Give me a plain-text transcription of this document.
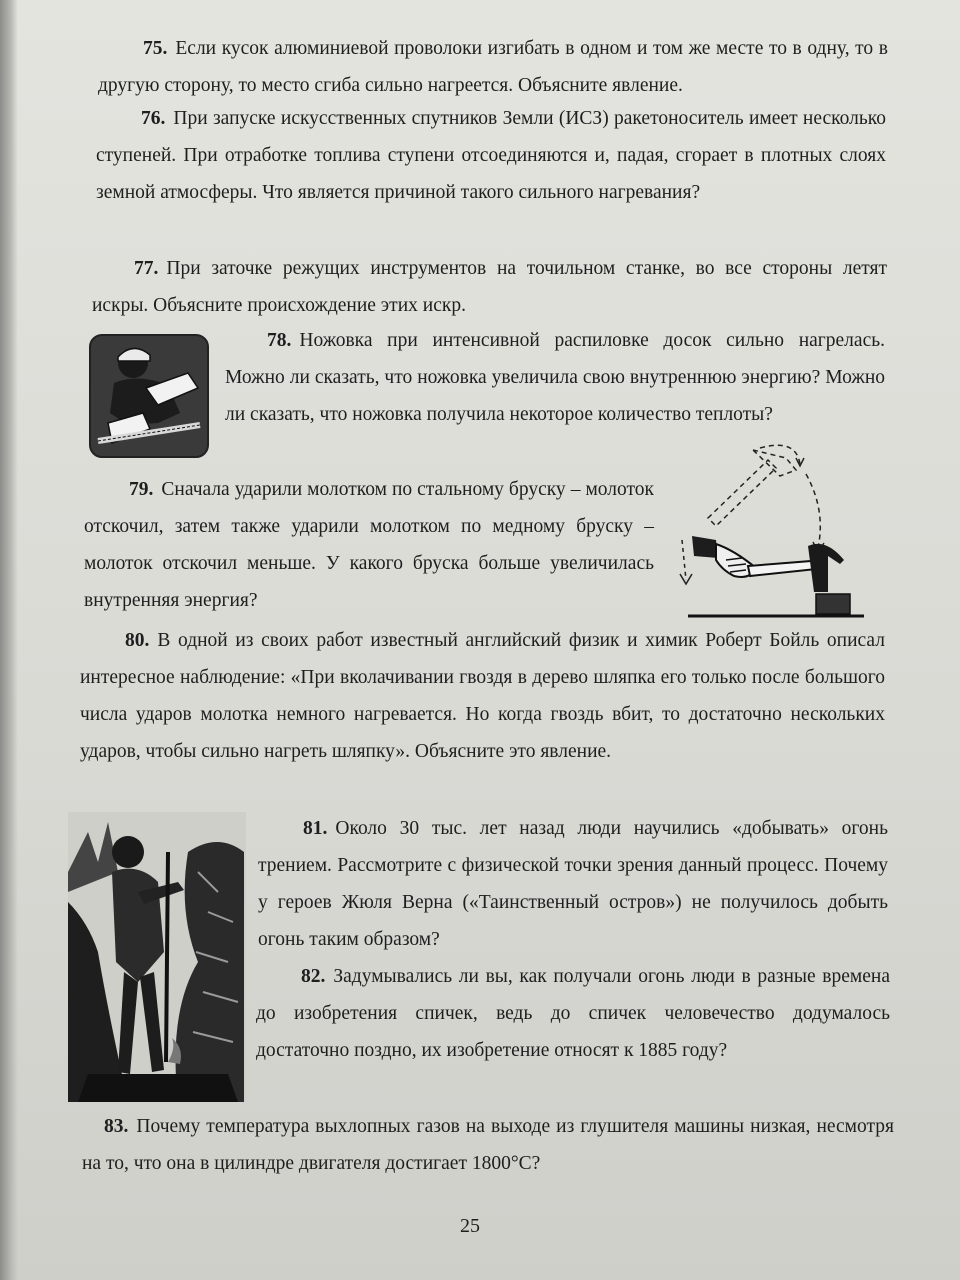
75. Если кусок алюминиевой проволоки изгибать в одном и том же месте то в одну, то в другую сторону, то место сгиба сильно нагреется. Объясните явление.
76. При запуске искусственных спутников Земли (ИСЗ) ракетоноситель имеет несколько ступеней. При отработке топлива ступени отсоединяются и, падая, сгорает в плотных слоях земной атмосферы. Что является причиной такого сильного нагревания?
77. При заточке режущих инструментов на точильном станке, во все стороны летят искры. Объясните происхождение этих искр.
78. Ножовка при интенсивной распиловке досок сильно нагрелась. Можно ли сказать, что ножовка увеличила свою внутреннюю энергию? Можно ли сказать, что ножовка получила некоторое количество теплоты?
79. Сначала ударили молотком по стальному бруску – молоток отскочил, затем также ударили молотком по медному бруску – молоток отскочил меньше. У какого бруска больше увеличилась внутренняя энергия?
80. В одной из своих работ известный английский физик и химик Роберт Бойль описал интересное наблюдение: «При вколачивании гвоздя в дерево шляпка его только после большого числа ударов молотка немного нагревается. Но когда гвоздь вбит, то достаточно нескольких ударов, чтобы сильно нагреть шляпку». Объясните это явление.
81. Около 30 тыс. лет назад люди научились «добывать» огонь трением. Рассмотрите с физической точки зрения данный процесс. Почему у героев Жюля Верна («Таинственный остров») не получилось добыть огонь таким образом?
82. Задумывались ли вы, как получали огонь люди в разные времена до изобретения спичек, ведь до спичек человечество додумалось достаточно поздно, их изобретение относят к 1885 году?
83. Почему температура выхлопных газов на выходе из глушителя машины низкая, несмотря на то, что она в цилиндре двигателя достигает 1800°С?
25
